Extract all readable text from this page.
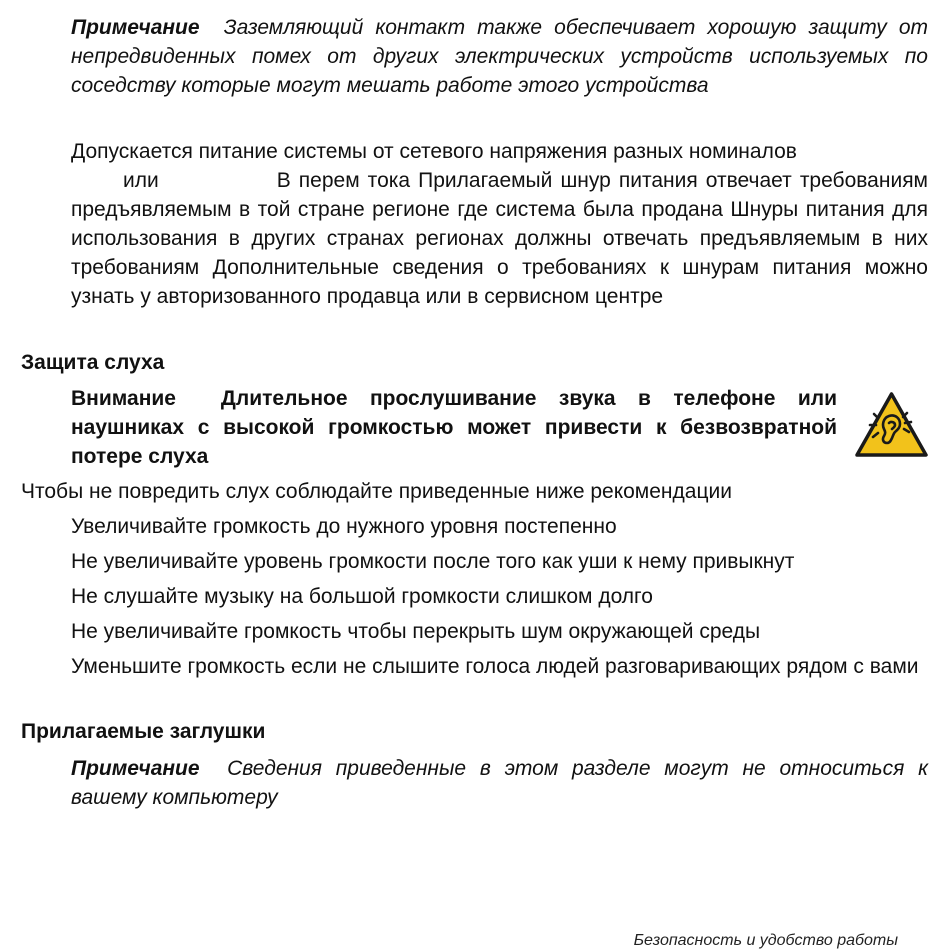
Примечание Заземляющий контакт также обеспечивает хорошую защиту от непредвиденных помех от других электрических устройств используемых по соседству которые могут мешать работе этого устройства

Допускается питание системы от сетевого напряжения разных номиналов

или	В перем тока Прилагаемый шнур питания отвечает требованиям предъявляемым в той стране регионе где система была продана Шнуры питания для использования в других странах регионах должны отвечать предъявляемым в них требованиям Дополнительные сведения о требованиях к шнурам питания можно узнать у авторизованного продавца или в сервисном центре

Защита слуха

Внимание Длительное прослушивание звука в телефоне или наушниках с высокой громкостью может привести к безвозвратной потере слуха

Чтобы не повредить слух соблюдайте приведенные ниже рекомендации

Увеличивайте громкость до нужного уровня постепенно

Не увеличивайте уровень громкости после того как уши к нему привыкнут

Не слушайте музыку на большой громкости слишком долго

Не увеличивайте громкость чтобы перекрыть шум окружающей среды

Уменьшите громкость если не слышите голоса людей разговаривающих рядом с вами

Прилагаемые заглушки

Примечание Сведения приведенные в этом разделе могут не относиться к вашему компьютеру

Безопасность и удобство работы
